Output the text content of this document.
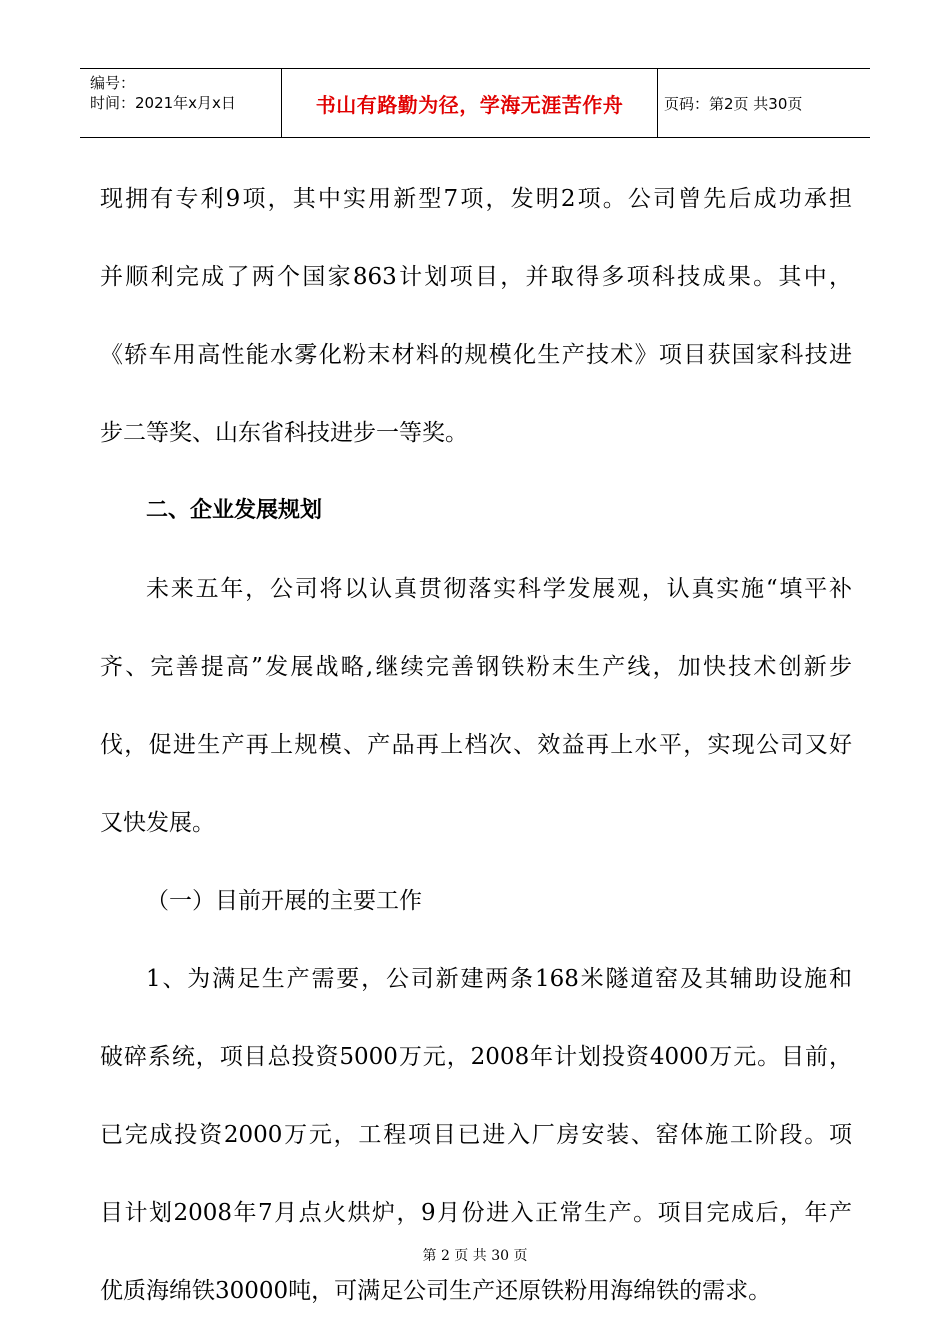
编号：
时间：2021年x月x日	书山有路勤为径，学海无涯苦作舟	页码：第2页 共30页

现拥有专利9项，其中实用新型7项，发明2项。公司曾先后成功承担

并顺利完成了两个国家863计划项目，并取得多项科技成果。其中，

《轿车用高性能水雾化粉末材料的规模化生产技术》项目获国家科技进

步二等奖、山东省科技进步一等奖。

二、企业发展规划

未来五年，公司将以认真贯彻落实科学发展观，认真实施“填平补

齐、完善提高”发展战略,继续完善钢铁粉末生产线，加快技术创新步

伐，促进生产再上规模、产品再上档次、效益再上水平，实现公司又好

又快发展。

（一）目前开展的主要工作

1、为满足生产需要，公司新建两条168米隧道窑及其辅助设施和

破碎系统，项目总投资5000万元，2008年计划投资4000万元。目前，

已完成投资2000万元，工程项目已进入厂房安装、窑体施工阶段。项

目计划2008年7月点火烘炉，9月份进入正常生产。项目完成后，年产

优质海绵铁30000吨，可满足公司生产还原铁粉用海绵铁的需求。

第 2 页 共 30 页
